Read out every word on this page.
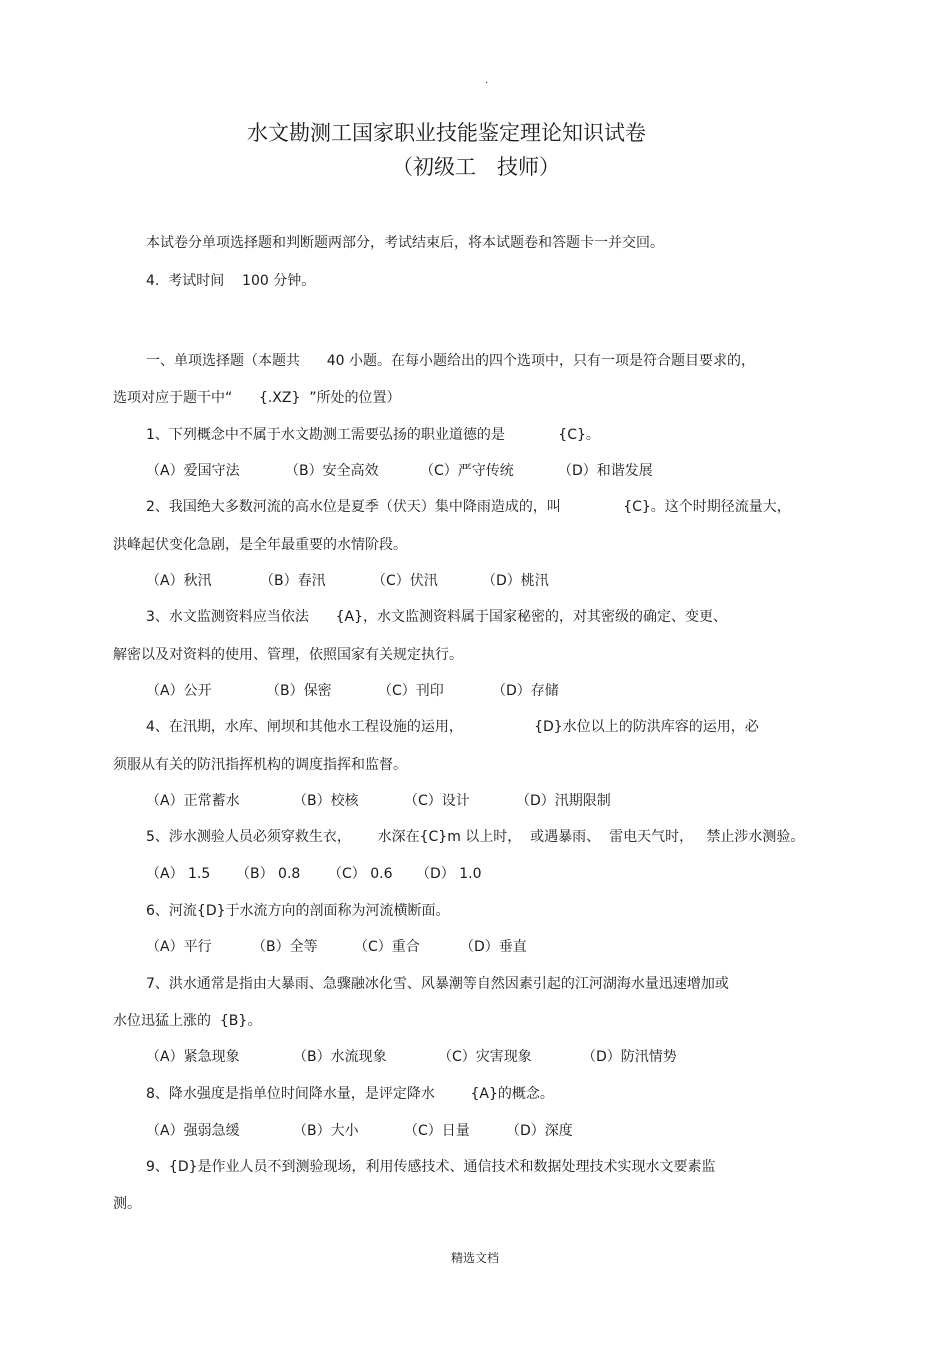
.
水文勘测工国家职业技能鉴定理论知识试卷
（初级工　技师）
本试卷分单项选择题和判断题两部分，考试结束后，将本试题卷和答题卡一并交回。
4.  考试时间    100 分钟。
一、单项选择题（本题共      40 小题。在每小题给出的四个选项中，只有一项是符合题目要求的，
选项对应于题干中“      {.XZ}  ”所处的位置）
1、下列概念中不属于水文勘测工需要弘扬的职业道德的是            {C}。
（A）爱国守法	（B）安全高效	（C）严守传统	（D）和谐发展
2、我国绝大多数河流的高水位是夏季（伏天）集中降雨造成的，叫              {C}。这个时期径流量大，
洪峰起伏变化急剧，是全年最重要的水情阶段。
（A）秋汛	（B）春汛	（C）伏汛	（D）桃汛
3、水文监测资料应当依法      {A}，水文监测资料属于国家秘密的，对其密级的确定、变更、
解密以及对资料的使用、管理，依照国家有关规定执行。
（A）公开	（B）保密	（C）刊印	（D）存储
4、在汛期，水库、闸坝和其他水工程设施的运用，                {D}水位以上的防洪库容的运用，必
须服从有关的防汛指挥机构的调度指挥和监督。
（A）正常蓄水	（B）校核	（C）设计	（D）汛期限制
5、涉水测验人员必须穿救生衣，      水深在{C}m 以上时，  或遇暴雨、  雷电天气时，   禁止涉水测验。
（A） 1.5 （B） 0.8 （C） 0.6 （D） 1.0
6、河流{D}于水流方向的剖面称为河流横断面。
（A）平行	（B）全等	（C）重合	（D）垂直
7、洪水通常是指由大暴雨、急骤融冰化雪、风暴潮等自然因素引起的江河湖海水量迅速增加或
水位迅猛上涨的  {B}。
（A）紧急现象	（B）水流现象	（C）灾害现象	（D）防汛情势
8、降水强度是指单位时间降水量，是评定降水        {A}的概念。
（A）强弱急缓	（B）大小	（C）日量	（D）深度
9、{D}是作业人员不到测验现场，利用传感技术、通信技术和数据处理技术实现水文要素监
测。
精选文档
